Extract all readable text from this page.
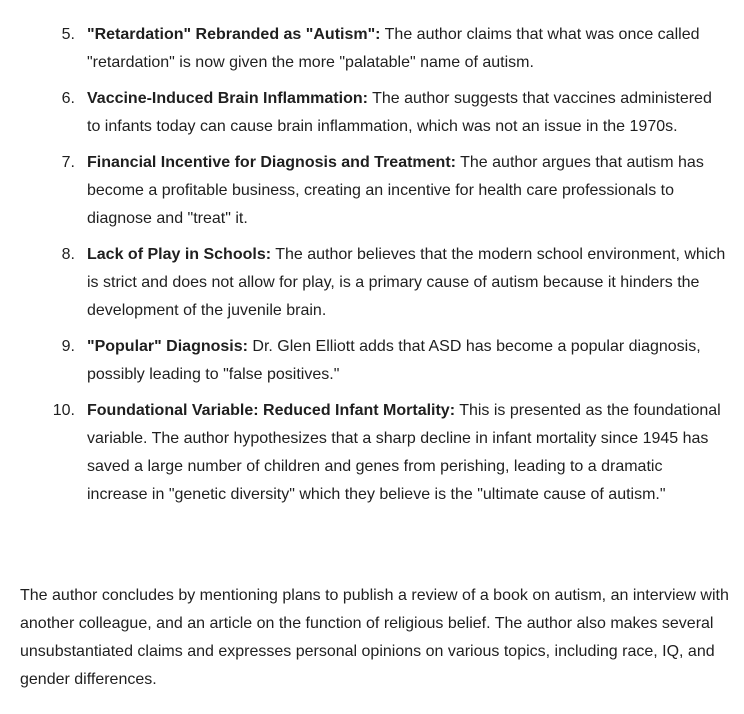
5. "Retardation" Rebranded as "Autism": The author claims that what was once called "retardation" is now given the more "palatable" name of autism.
6. Vaccine-Induced Brain Inflammation: The author suggests that vaccines administered to infants today can cause brain inflammation, which was not an issue in the 1970s.
7. Financial Incentive for Diagnosis and Treatment: The author argues that autism has become a profitable business, creating an incentive for health care professionals to diagnose and "treat" it.
8. Lack of Play in Schools: The author believes that the modern school environment, which is strict and does not allow for play, is a primary cause of autism because it hinders the development of the juvenile brain.
9. "Popular" Diagnosis: Dr. Glen Elliott adds that ASD has become a popular diagnosis, possibly leading to "false positives."
10. Foundational Variable: Reduced Infant Mortality: This is presented as the foundational variable. The author hypothesizes that a sharp decline in infant mortality since 1945 has saved a large number of children and genes from perishing, leading to a dramatic increase in "genetic diversity" which they believe is the "ultimate cause of autism."

The author concludes by mentioning plans to publish a review of a book on autism, an interview with another colleague, and an article on the function of religious belief. The author also makes several unsubstantiated claims and expresses personal opinions on various topics, including race, IQ, and gender differences.
